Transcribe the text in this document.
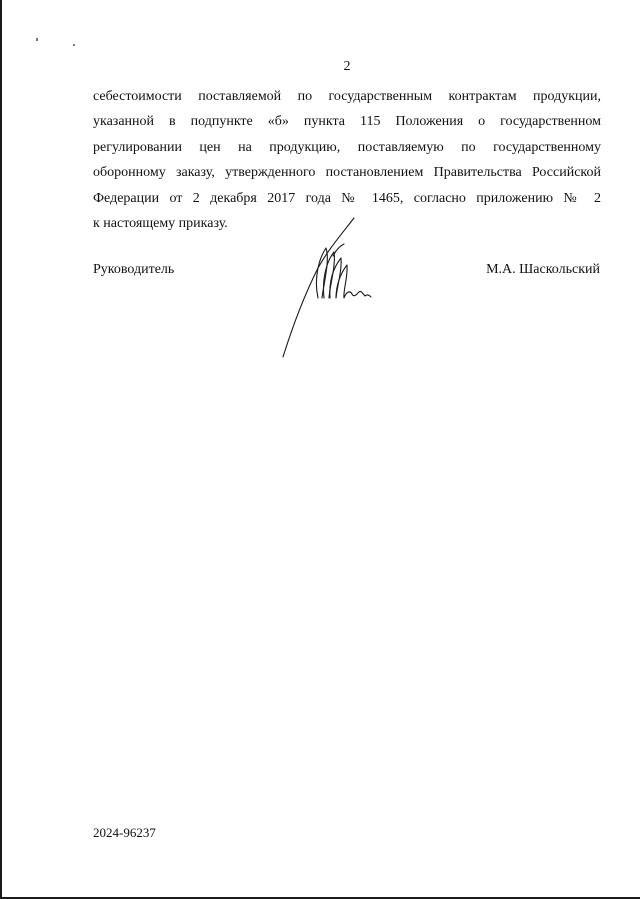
2
себестоимости поставляемой по государственным контрактам продукции,
указанной в подпункте «б» пункта 115 Положения о государственном
регулировании цен на продукцию, поставляемую по государственному
оборонному заказу, утвержденного постановлением Правительства Российской
Федерации от 2 декабря 2017 года № 1465, согласно приложению № 2
к настоящему приказу.
Руководитель	М.А. Шаскольский
2024-96237
